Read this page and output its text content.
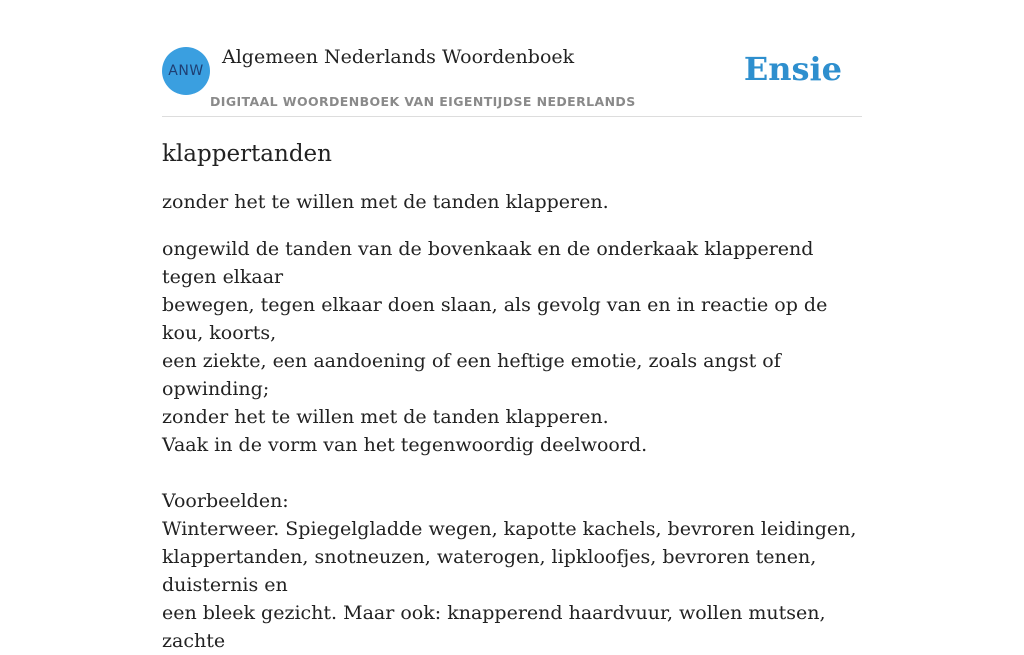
ANW
Algemeen Nederlands Woordenboek
DIGITAAL WOORDENBOEK VAN EIGENTIJDSE NEDERLANDS
Ensie
klappertanden

zonder het te willen met de tanden klapperen.

ongewild de tanden van de bovenkaak en de onderkaak klapperend tegen elkaar
bewegen, tegen elkaar doen slaan, als gevolg van en in reactie op de kou, koorts,
een ziekte, een aandoening of een heftige emotie, zoals angst of opwinding;
zonder het te willen met de tanden klapperen.
Vaak in de vorm van het tegenwoordig deelwoord.
Voorbeelden:
Winterweer. Spiegelgladde wegen, kapotte kachels, bevroren leidingen,
klappertanden, snotneuzen, waterogen, lipkloofjes, bevroren tenen, duisternis en
een bleek gezicht. Maar ook: knapperend haardvuur, wollen mutsen, zachte
